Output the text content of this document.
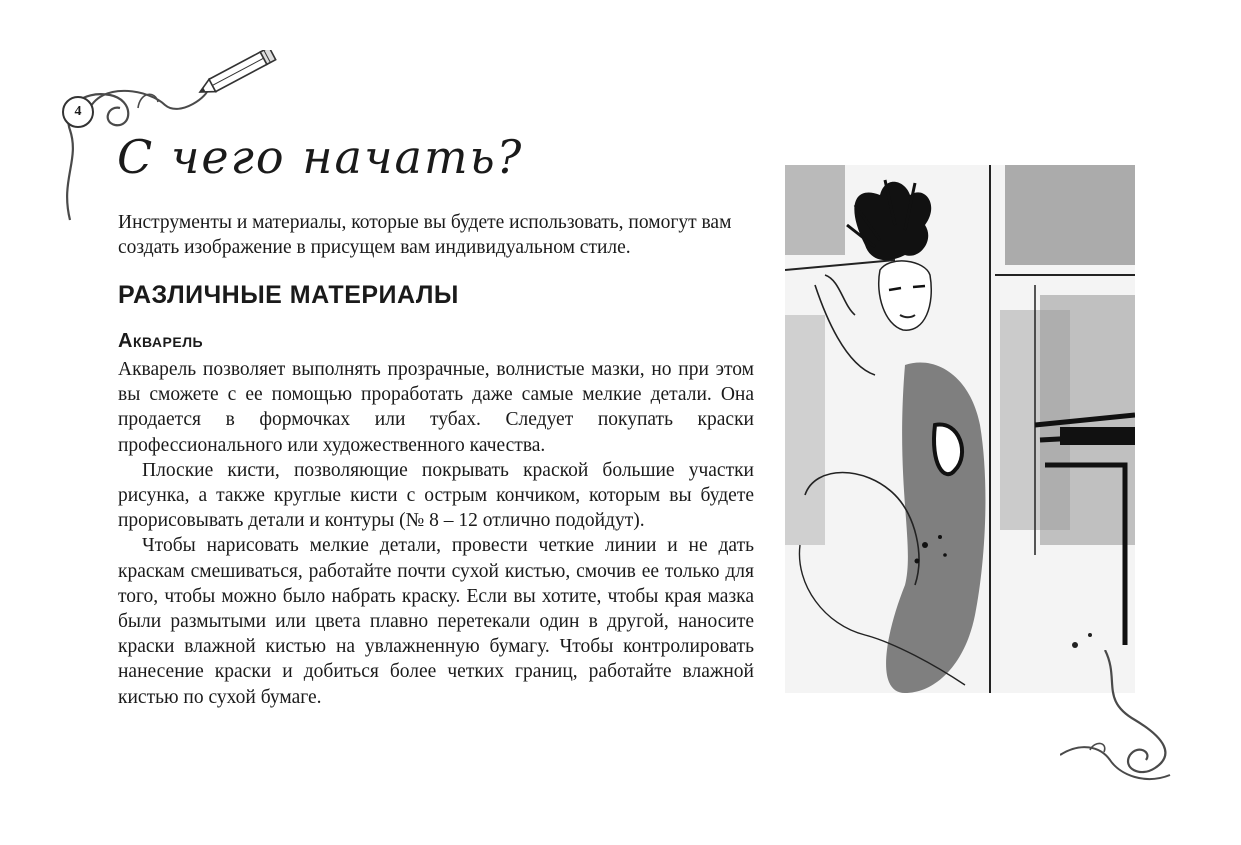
4
С чего начать?

Инструменты и материалы, которые вы будете использовать, помогут вам создать изображение в присущем вам индивидуальном стиле.

РАЗЛИЧНЫЕ МАТЕРИАЛЫ
Акварель

Акварель позволяет выполнять прозрачные, волнистые мазки, но при этом вы сможете с ее помощью проработать даже самые мелкие детали. Она продается в формочках или тубах. Следует покупать краски профессионального или художественного качества.

Плоские кисти, позволяющие покрывать краской большие участки рисунка, а также круглые кисти с острым кончиком, которым вы будете прорисовывать детали и контуры (№ 8 – 12 отлично подойдут).

Чтобы нарисовать мелкие детали, провести четкие линии и не дать краскам смешиваться, работайте почти сухой кистью, смочив ее только для того, чтобы можно было набрать краску. Если вы хотите, чтобы края мазка были размытыми или цвета плавно перетекали один в другой, наносите краски влажной кистью на увлажненную бумагу. Чтобы контролировать нанесение краски и добиться более четких границ, работайте влажной кистью по сухой бумаге.
